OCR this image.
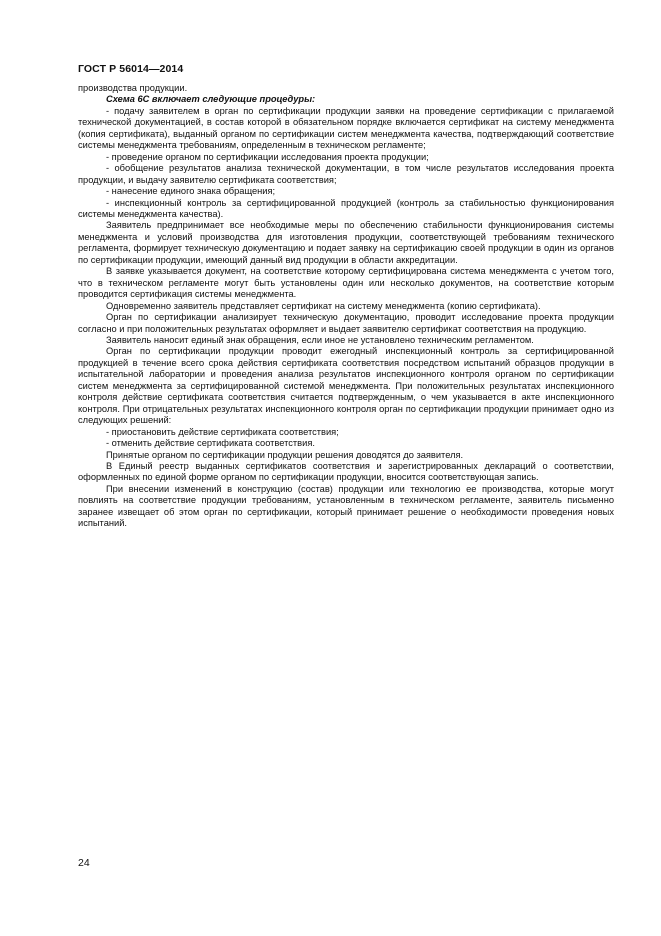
ГОСТ Р 56014—2014

производства продукции.

Схема 6С включает следующие процедуры:

- подачу заявителем в орган по сертификации продукции заявки на проведение сертификации с прилагаемой технической документацией, в состав которой в обязательном порядке включается сертификат на систему менеджмента (копия сертификата), выданный органом по сертификации систем менеджмента качества, подтверждающий соответствие системы менеджмента требованиям, определенным в техническом регламенте;

- проведение органом по сертификации исследования проекта продукции;

- обобщение результатов анализа технической документации, в том числе результатов исследования проекта продукции, и выдачу заявителю сертификата соответствия;

- нанесение единого знака обращения;

- инспекционный контроль за сертифицированной продукцией (контроль за стабильностью функционирования системы менеджмента качества).

Заявитель предпринимает все необходимые меры по обеспечению стабильности функционирования системы менеджмента и условий производства для изготовления продукции, соответствующей требованиям технического регламента, формирует техническую документацию и подает заявку на сертификацию своей продукции в один из органов по сертификации продукции, имеющий данный вид продукции в области аккредитации.

В заявке указывается документ, на соответствие которому сертифицирована система менеджмента с учетом того, что в техническом регламенте могут быть установлены один или несколько документов, на соответствие которым проводится сертификация системы менеджмента.

Одновременно заявитель представляет сертификат на систему менеджмента (копию сертификата).

Орган по сертификации анализирует техническую документацию, проводит исследование проекта продукции согласно и при положительных результатах оформляет и выдает заявителю сертификат соответствия на продукцию.

Заявитель наносит единый знак обращения, если иное не установлено техническим регламентом.

Орган по сертификации продукции проводит ежегодный инспекционный контроль за сертифицированной продукцией в течение всего срока действия сертификата соответствия посредством испытаний образцов продукции в испытательной лаборатории и проведения анализа результатов инспекционного контроля органом по сертификации систем менеджмента за сертифицированной системой менеджмента. При положительных результатах инспекционного контроля действие сертификата соответствия считается подтвержденным, о чем указывается в акте инспекционного контроля. При отрицательных результатах инспекционного контроля орган по сертификации продукции принимает одно из следующих решений:

- приостановить действие сертификата соответствия;

- отменить действие сертификата соответствия.

Принятые органом по сертификации продукции решения доводятся до заявителя.

В Единый реестр выданных сертификатов соответствия и зарегистрированных деклараций о соответствии, оформленных по единой форме органом по сертификации продукции, вносится соответствующая запись.

При внесении изменений в конструкцию (состав) продукции или технологию ее производства, которые могут повлиять на соответствие продукции требованиям, установленным в техническом регламенте, заявитель письменно заранее извещает об этом орган по сертификации, который принимает решение о необходимости проведения новых испытаний.

24
